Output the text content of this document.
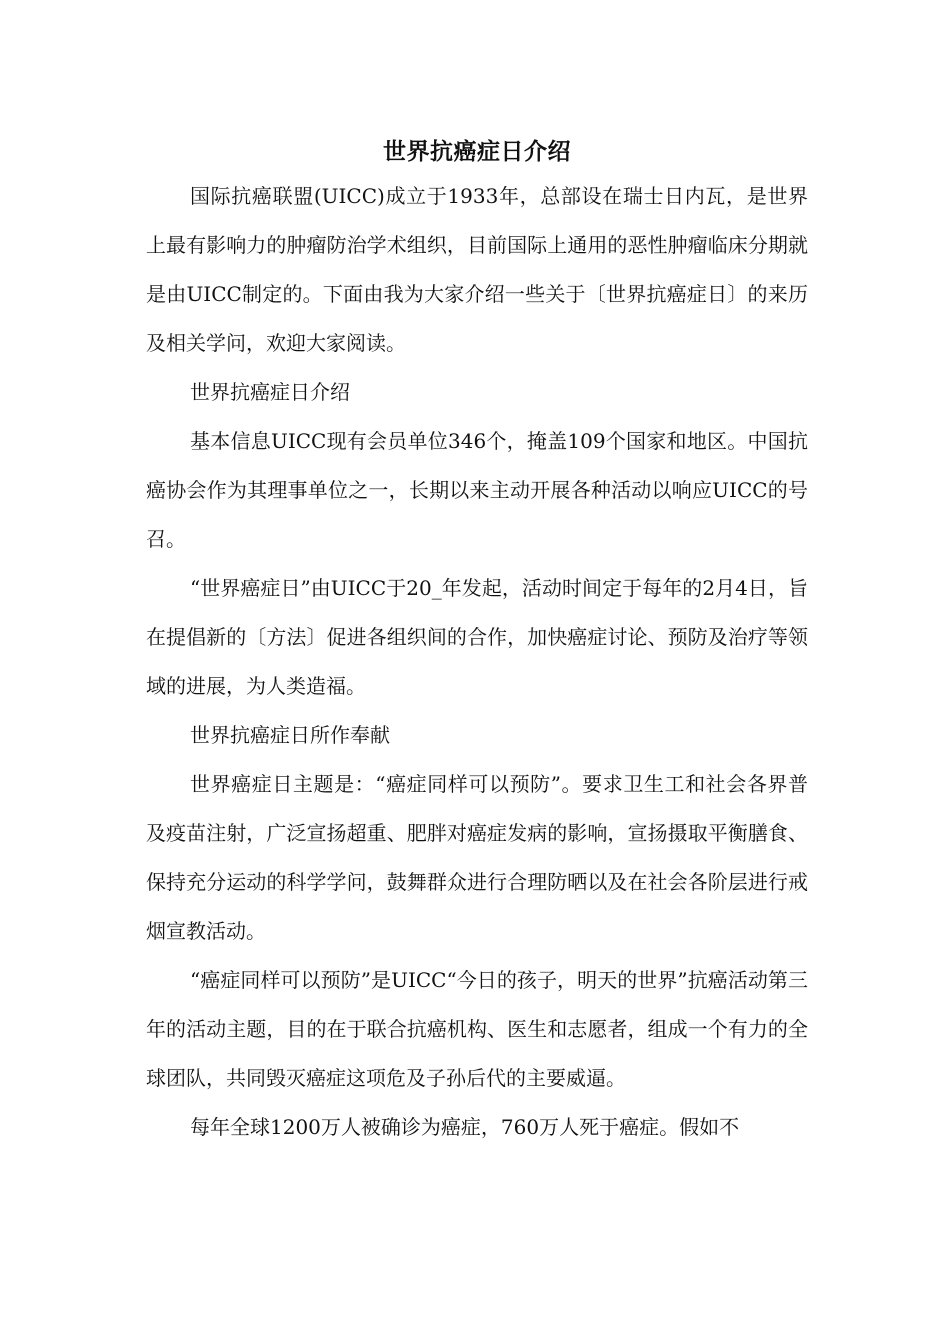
世界抗癌症日介绍

国际抗癌联盟(UICC)成立于1933年，总部设在瑞士日内瓦，是世界上最有影响力的肿瘤防治学术组织，目前国际上通用的恶性肿瘤临床分期就是由UICC制定的。下面由我为大家介绍一些关于〔世界抗癌症日〕的来历及相关学问，欢迎大家阅读。

世界抗癌症日介绍

基本信息UICC现有会员单位346个，掩盖109个国家和地区。中国抗癌协会作为其理事单位之一，长期以来主动开展各种活动以响应UICC的号召。

“世界癌症日”由UICC于20_年发起，活动时间定于每年的2月4日，旨在提倡新的〔方法〕促进各组织间的合作，加快癌症讨论、预防及治疗等领域的进展，为人类造福。

世界抗癌症日所作奉献

世界癌症日主题是：“癌症同样可以预防”。要求卫生工和社会各界普及疫苗注射，广泛宣扬超重、肥胖对癌症发病的影响，宣扬摄取平衡膳食、保持充分运动的科学学问，鼓舞群众进行合理防晒以及在社会各阶层进行戒烟宣教活动。

“癌症同样可以预防”是UICC“今日的孩子，明天的世界”抗癌活动第三年的活动主题，目的在于联合抗癌机构、医生和志愿者，组成一个有力的全球团队，共同毁灭癌症这项危及子孙后代的主要威逼。

每年全球1200万人被确诊为癌症，760万人死于癌症。假如不
